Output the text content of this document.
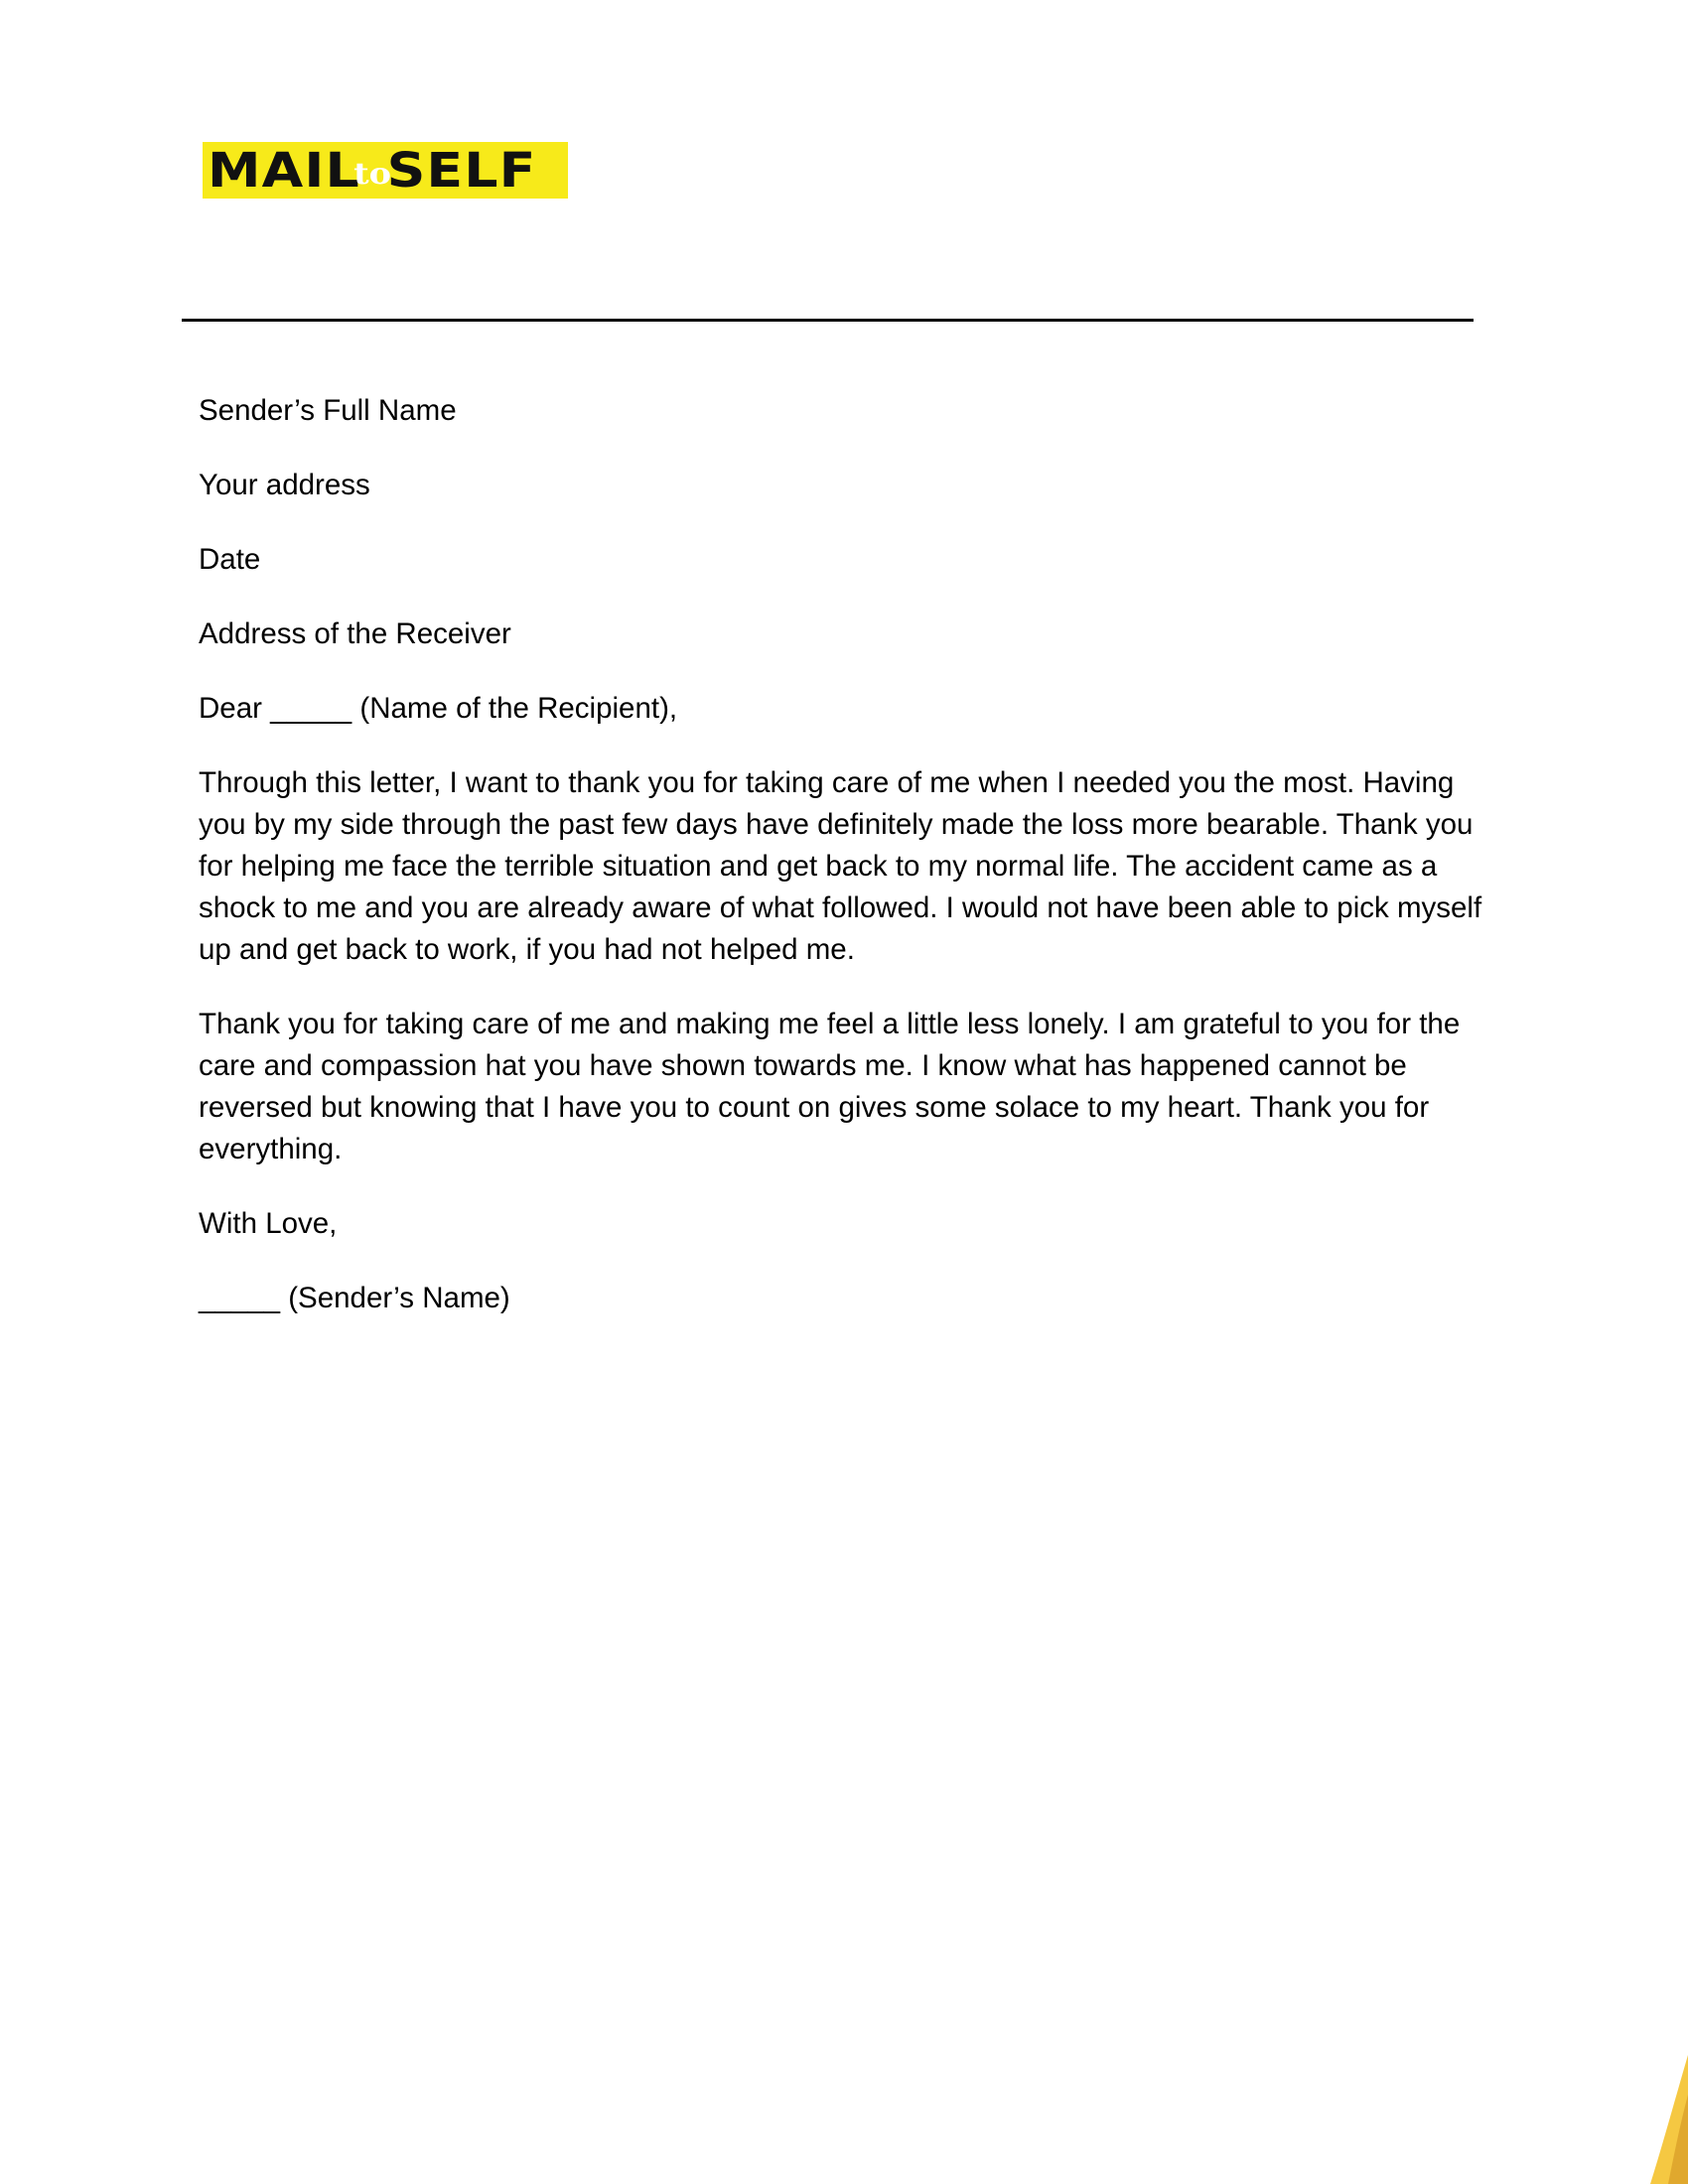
MAILtoSELF

Sender’s Full Name

Your address

Date

Address of the Receiver

Dear _____ (Name of the Recipient),

Through this letter, I want to thank you for taking care of me when I needed you the most. Having you by my side through the past few days have definitely made the loss more bearable. Thank you for helping me face the terrible situation and get back to my normal life. The accident came as a shock to me and you are already aware of what followed. I would not have been able to pick myself up and get back to work, if you had not helped me.

Thank you for taking care of me and making me feel a little less lonely. I am grateful to you for the care and compassion hat you have shown towards me. I know what has happened cannot be reversed but knowing that I have you to count on gives some solace to my heart. Thank you for everything.

With Love,

_____ (Sender’s Name)
